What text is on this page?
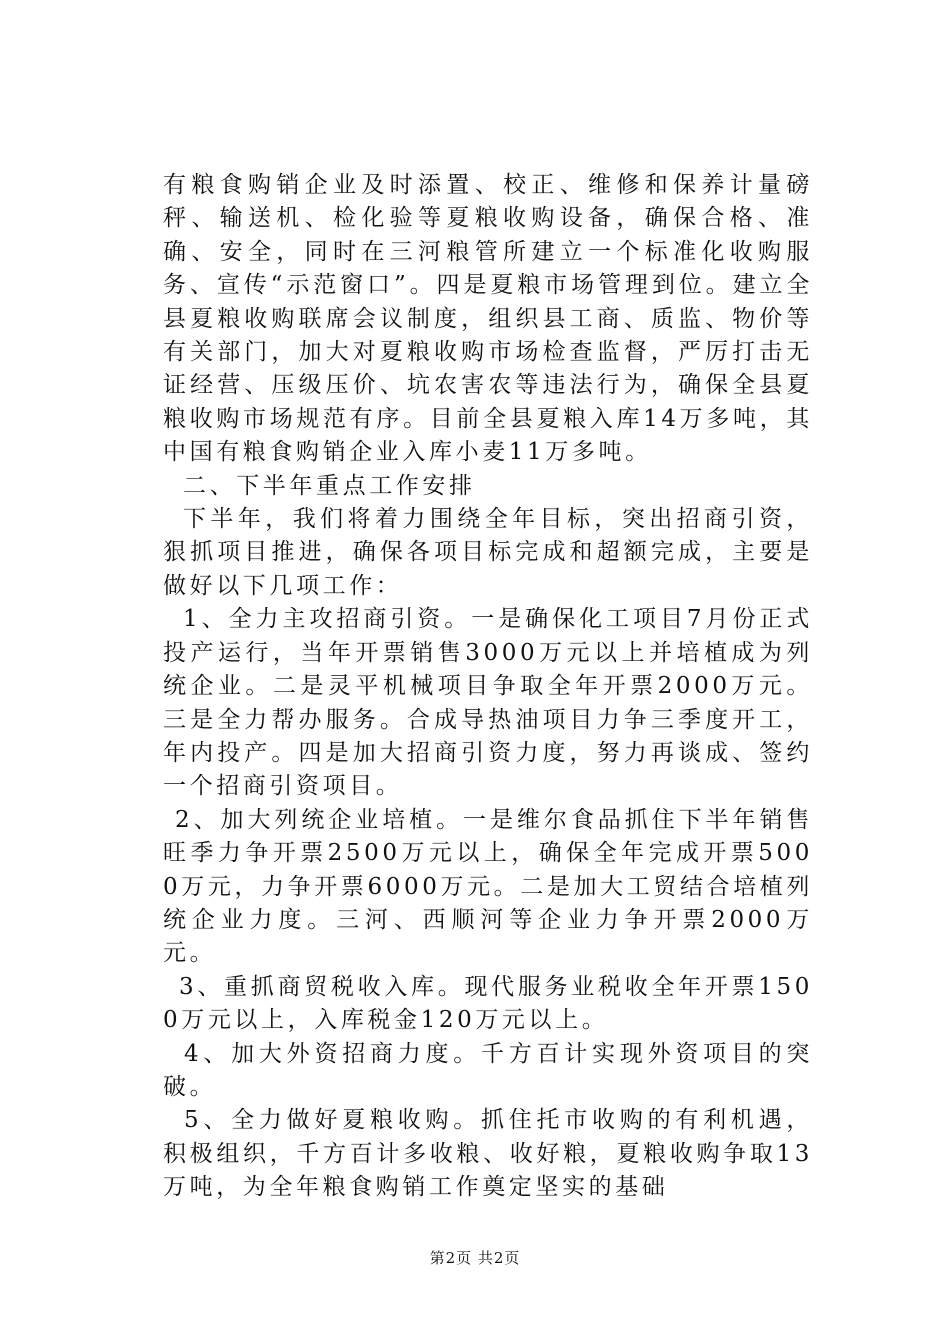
有粮食购销企业及时添置、校正、维修和保养计量磅秤、输送机、检化验等夏粮收购设备，确保合格、准确、安全，同时在三河粮管所建立一个标准化收购服务、宣传“示范窗口”。四是夏粮市场管理到位。建立全县夏粮收购联席会议制度，组织县工商、质监、物价等有关部门，加大对夏粮收购市场检查监督，严厉打击无证经营、压级压价、坑农害农等违法行为，确保全县夏粮收购市场规范有序。目前全县夏粮入库14万多吨，其中国有粮食购销企业入库小麦11万多吨。

二、下半年重点工作安排

下半年，我们将着力围绕全年目标，突出招商引资，狠抓项目推进，确保各项目标完成和超额完成，主要是做好以下几项工作：

1、全力主攻招商引资。一是确保化工项目7月份正式投产运行，当年开票销售3000万元以上并培植成为列统企业。二是灵平机械项目争取全年开票2000万元。三是全力帮办服务。合成导热油项目力争三季度开工，年内投产。四是加大招商引资力度，努力再谈成、签约一个招商引资项目。

2、加大列统企业培植。一是维尔食品抓住下半年销售旺季力争开票2500万元以上，确保全年完成开票5000万元，力争开票6000万元。二是加大工贸结合培植列统企业力度。三河、西顺河等企业力争开票2000万元。

3、重抓商贸税收入库。现代服务业税收全年开票1500万元以上，入库税金120万元以上。

4、加大外资招商力度。千方百计实现外资项目的突破。

5、全力做好夏粮收购。抓住托市收购的有利机遇，积极组织，千方百计多收粮、收好粮，夏粮收购争取13万吨，为全年粮食购销工作奠定坚实的基础

第2页 共2页
